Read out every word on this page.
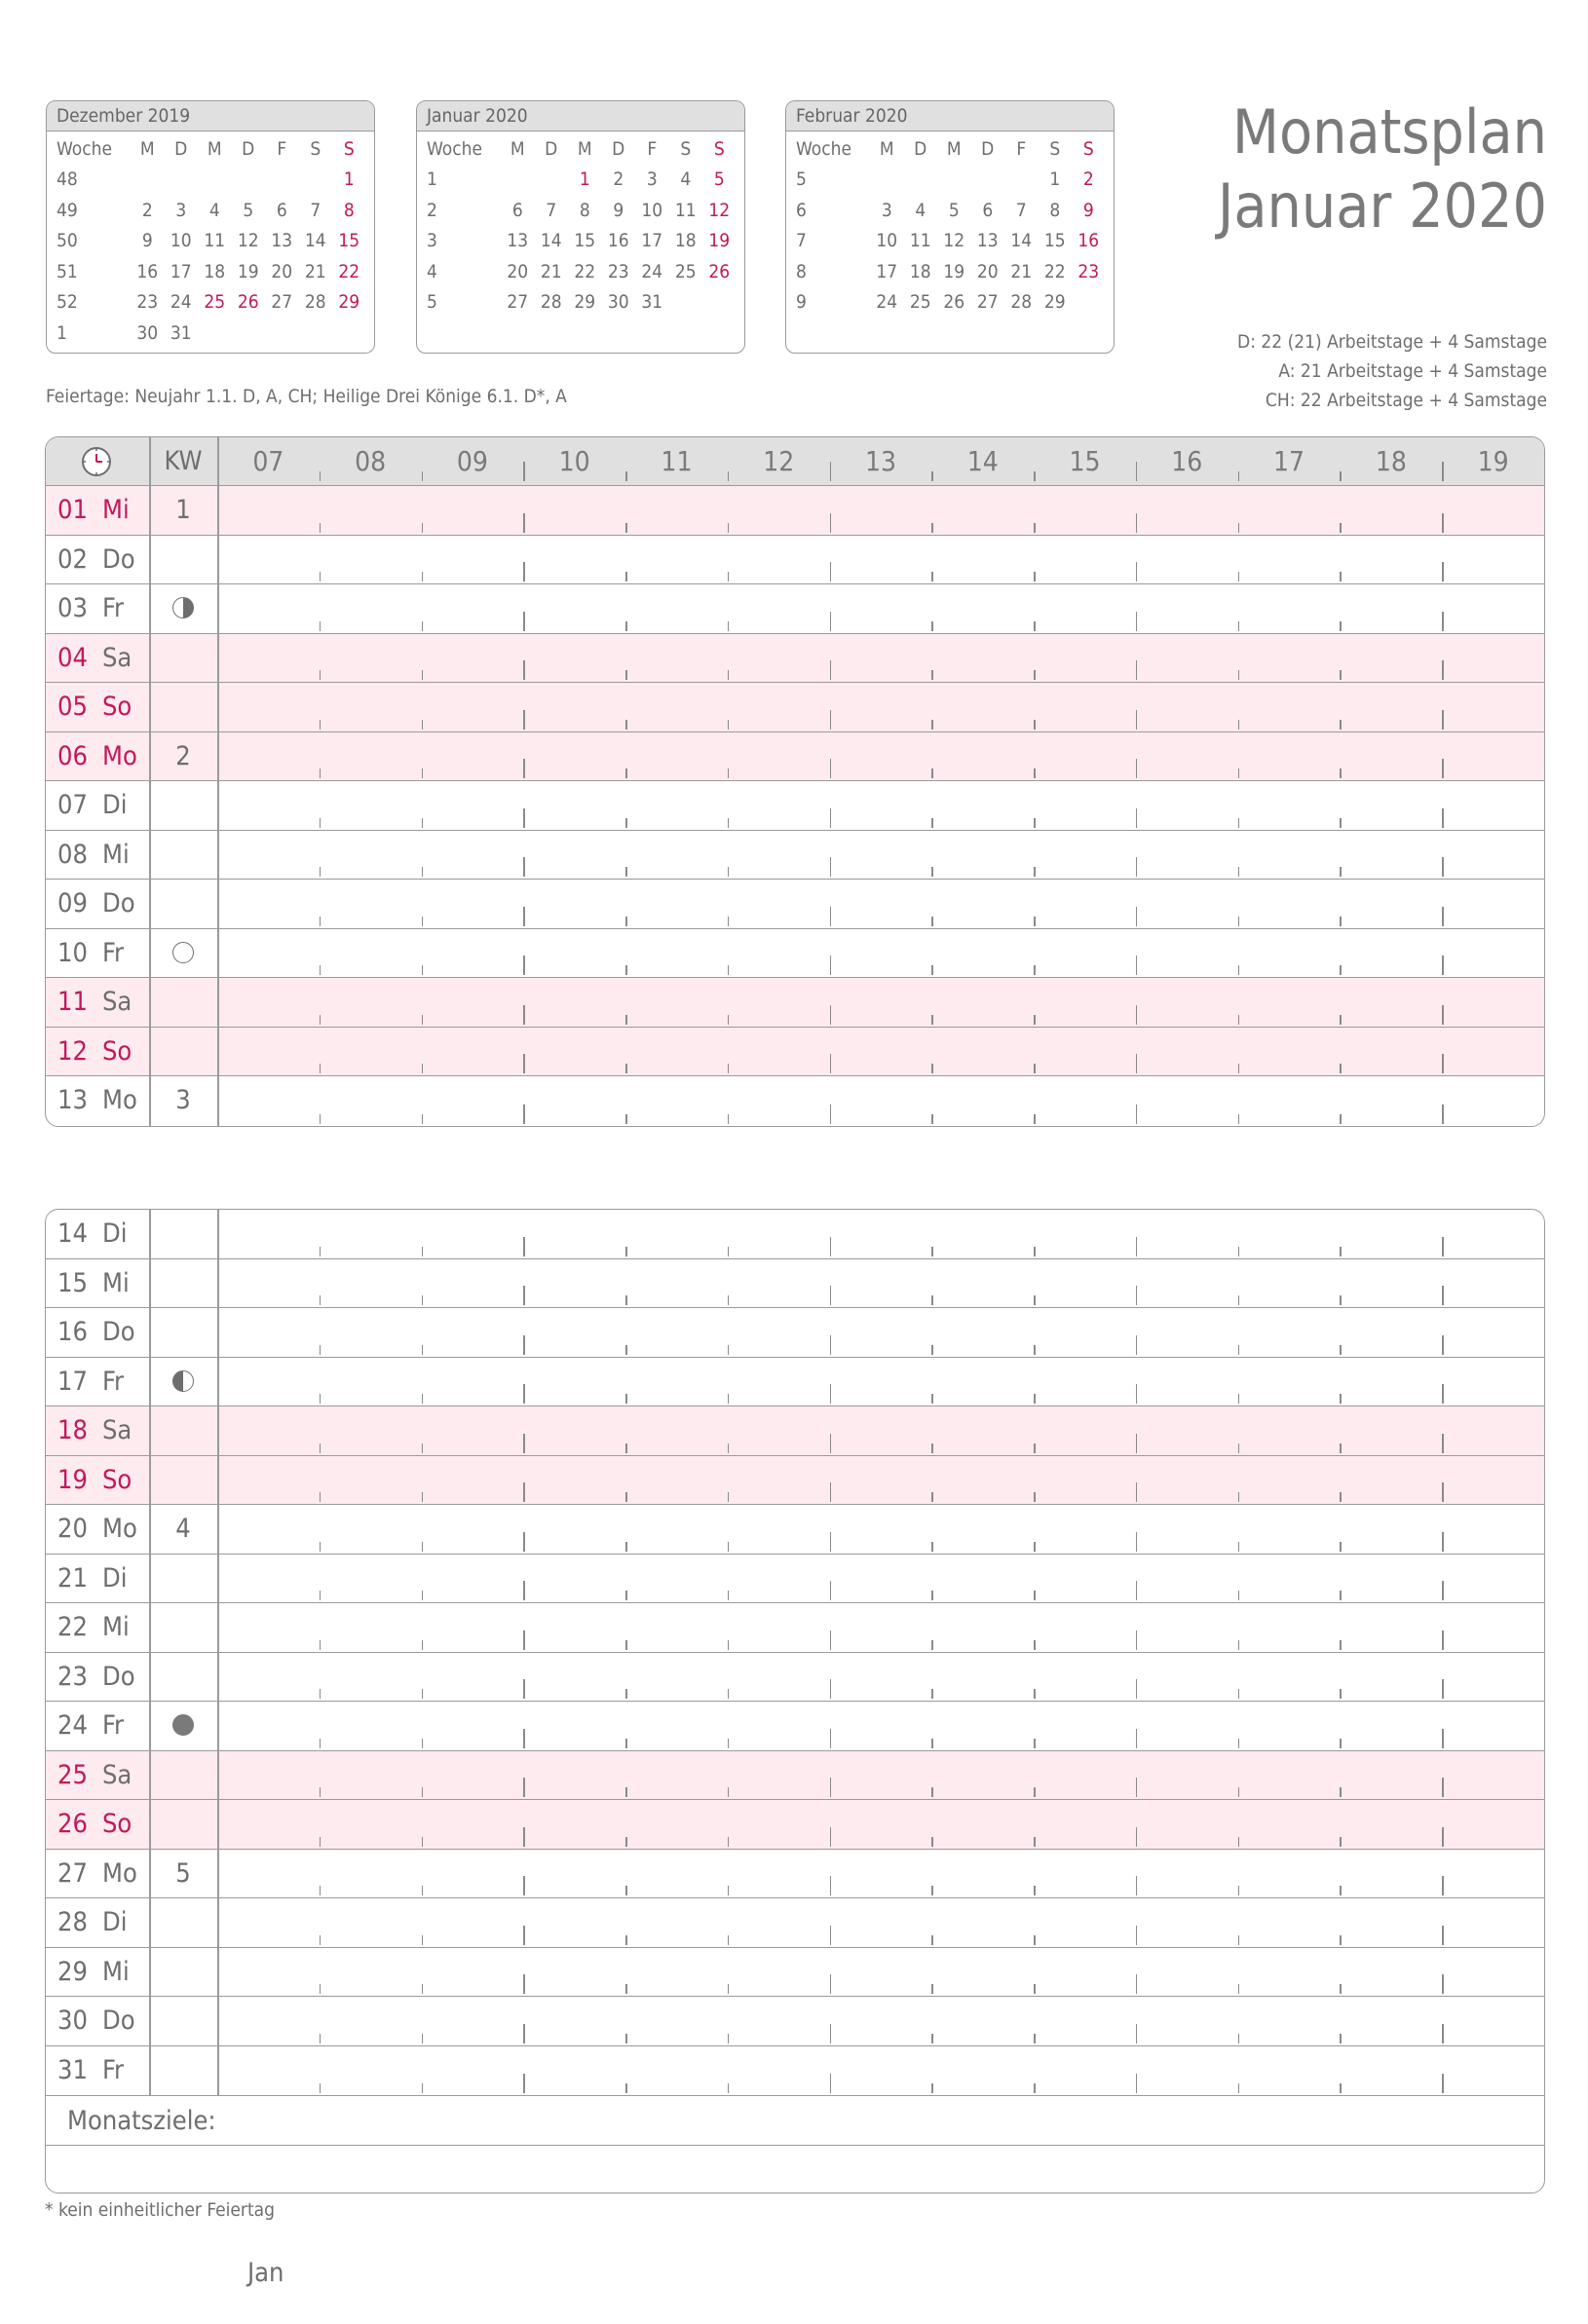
Dezember 2019
Woche	M	D	M	D	F	S	S
48							1
49	2	3	4	5	6	7	8
50	9	10	11	12	13	14	15
51	16	17	18	19	20	21	22
52	23	24	25	26	27	28	29
1	30	31					
Januar 2020
Woche	M	D	M	D	F	S	S
1			1	2	3	4	5
2	6	7	8	9	10	11	12
3	13	14	15	16	17	18	19
4	20	21	22	23	24	25	26
5	27	28	29	30	31		
Februar 2020
Woche	M	D	M	D	F	S	S
5						1	2
6	3	4	5	6	7	8	9
7	10	11	12	13	14	15	16
8	17	18	19	20	21	22	23
9	24	25	26	27	28	29	
Monatsplan
Januar 2020
D: 22 (21) Arbeitstage + 4 Samstage
A: 21 Arbeitstage + 4 Samstage
CH: 22 Arbeitstage + 4 Samstage
Feiertage: Neujahr 1.1. D, A, CH; Heilige Drei Könige 6.1. D*, A
KW	07	08	09	10	11	12	13	14	15	16	17	18	19
01 Mi	1
02 Do
03 Fr
04 Sa
05 So
06 Mo	2
07 Di
08 Mi
09 Do
10 Fr
11 Sa
12 So
13 Mo	3
14 Di
15 Mi
16 Do
17 Fr
18 Sa
19 So
20 Mo	4
21 Di
22 Mi
23 Do
24 Fr
25 Sa
26 So
27 Mo	5
28 Di
29 Mi
30 Do
31 Fr
Monatsziele:
* kein einheitlicher Feiertag
Jan
